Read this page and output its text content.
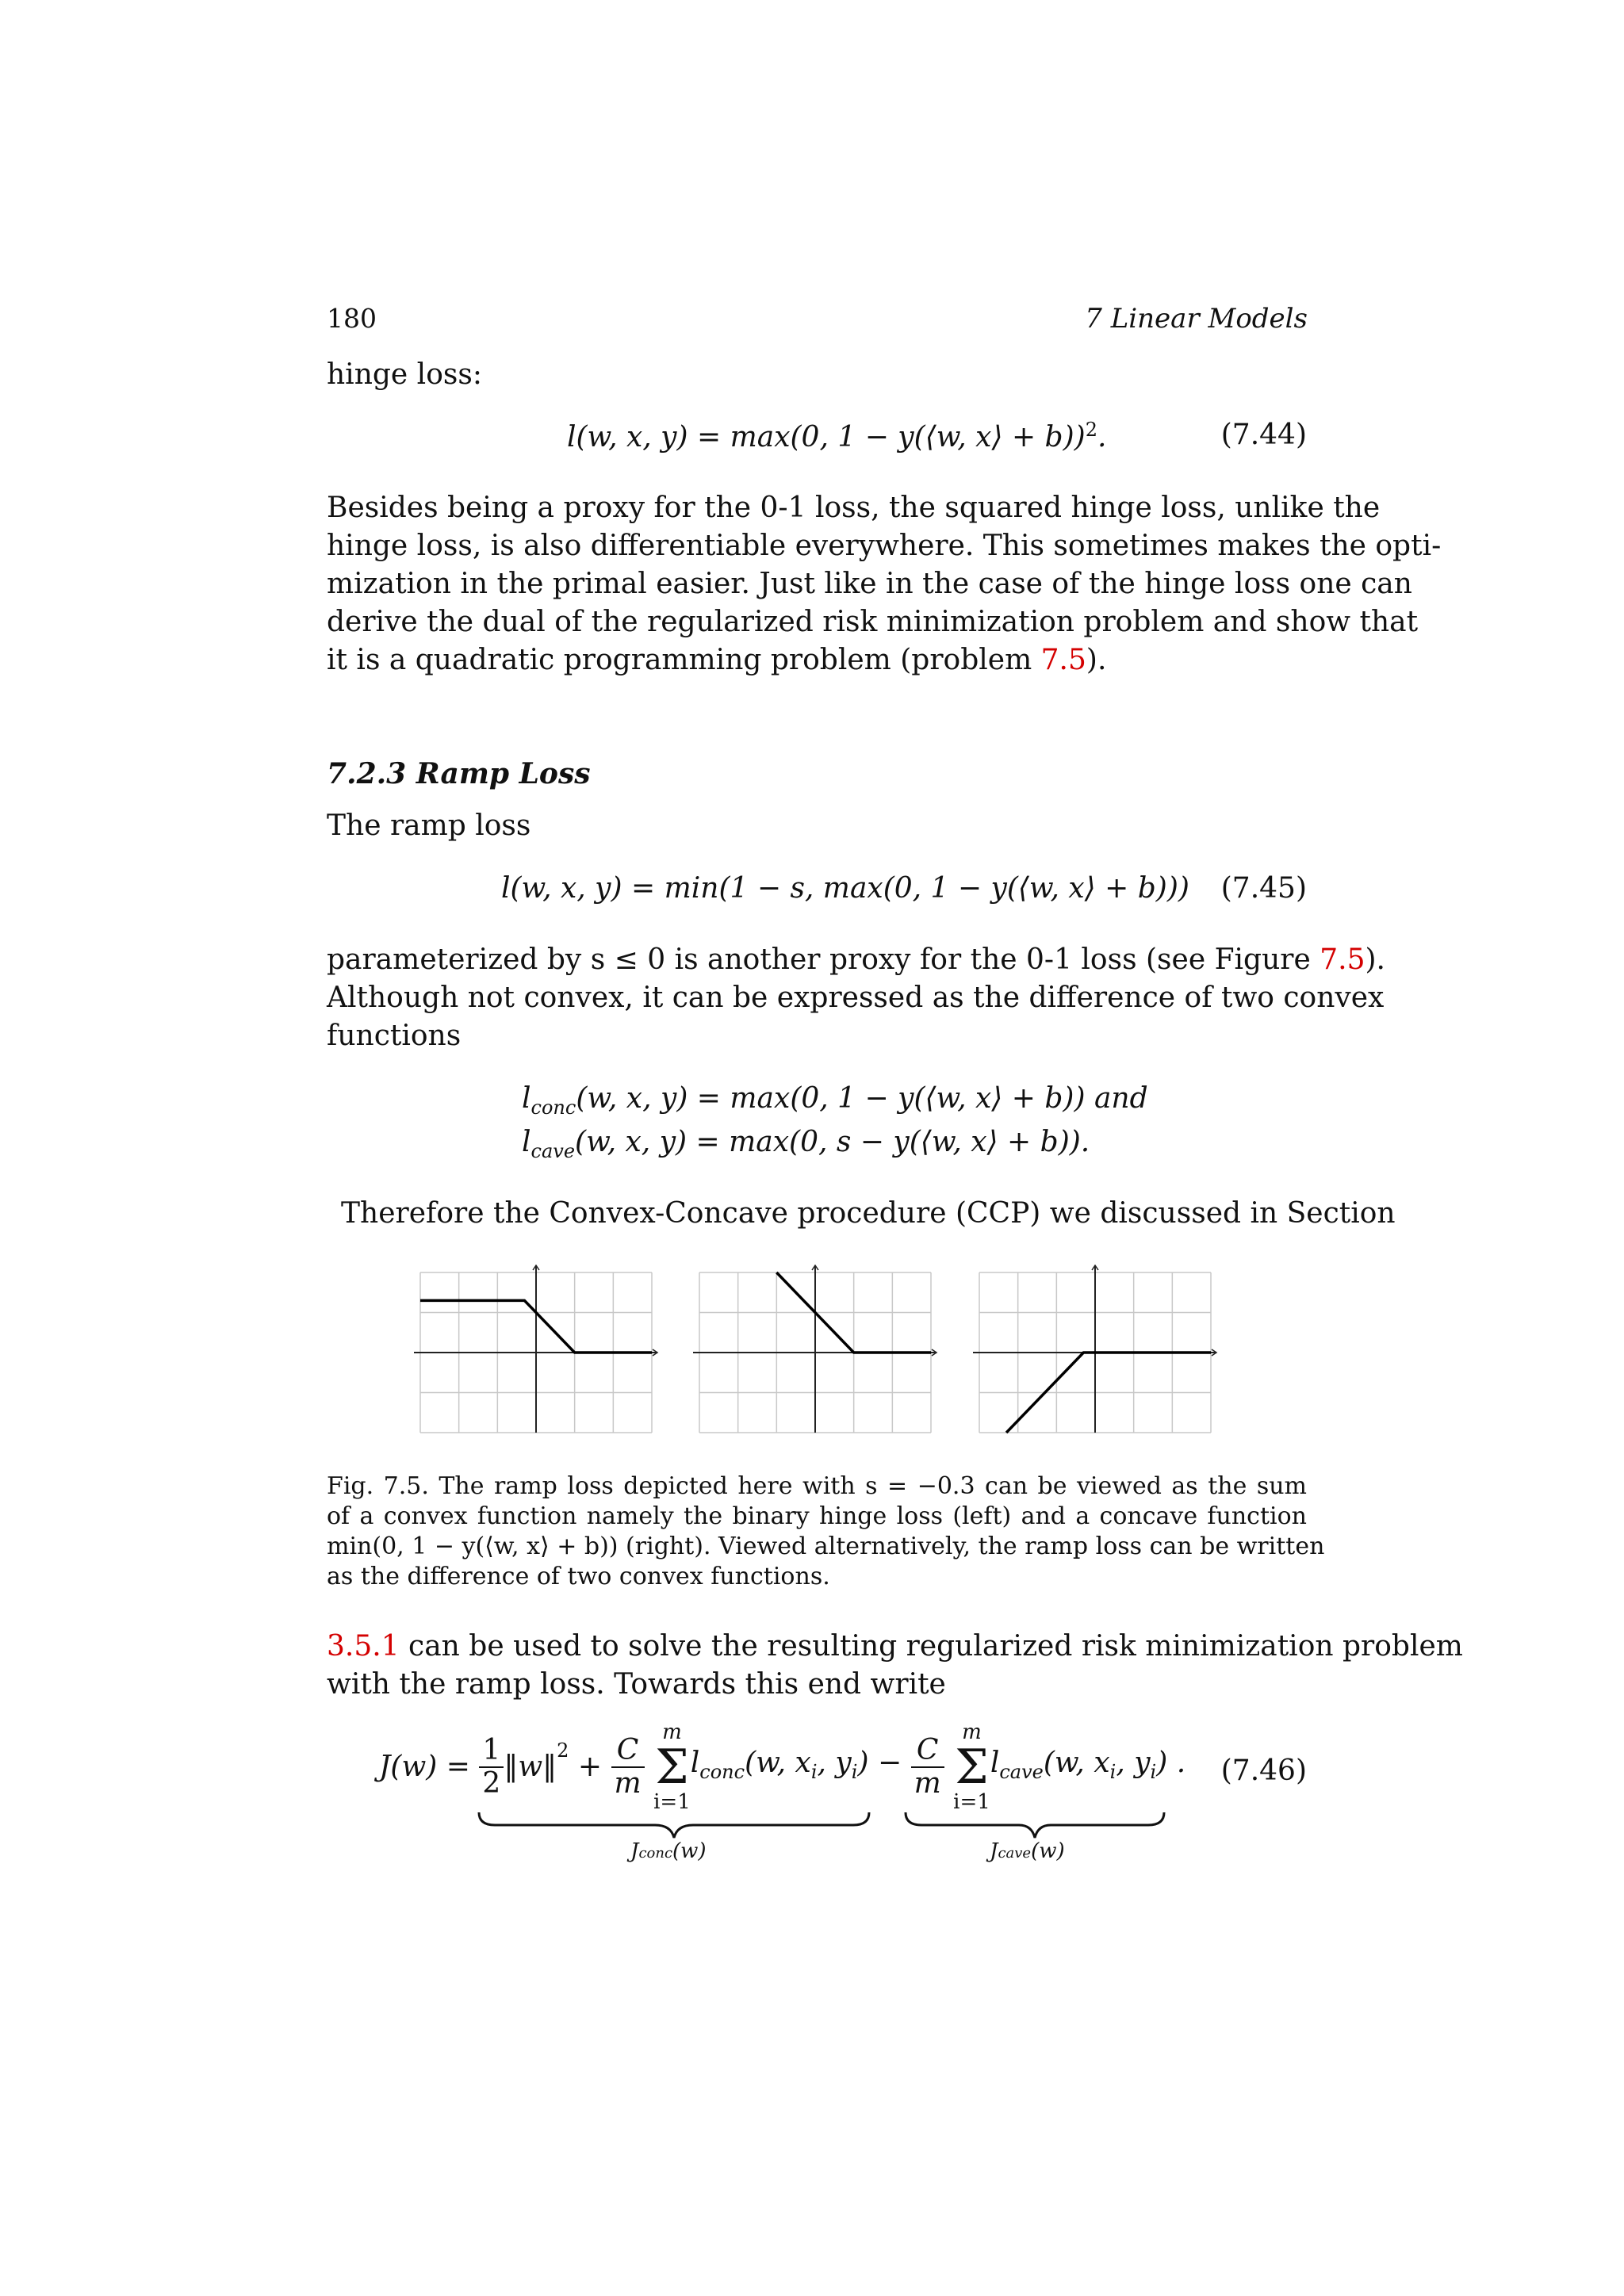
180	7 Linear Models
hinge loss:
l(w, x, y) = max(0, 1 − y(⟨w, x⟩ + b))$^2$.	(7.44)
Besides being a proxy for the 0-1 loss, the squared hinge loss, unlike the
hinge loss, is also differentiable everywhere. This sometimes makes the opti-
mization in the primal easier. Just like in the case of the hinge loss one can
derive the dual of the regularized risk minimization problem and show that
it is a quadratic programming problem (problem 7.5).
7.2.3 Ramp Loss
The ramp loss
l(w, x, y) = min(1 − s, max(0, 1 − y(⟨w, x⟩ + b))) (7.45)
parameterized by s ≤ 0 is another proxy for the 0-1 loss (see Figure 7.5).
Although not convex, it can be expressed as the difference of two convex
functions
$l_{conc}(w$, x, y) = max(0, 1 − y(⟨w, x⟩ + b)) and
$l_{cave}(w$, x, y) = max(0, s − y(⟨w, x⟩ + b)).
Therefore the Convex-Concave procedure (CCP) we discussed in Section
Fig. 7.5. The ramp loss depicted here with s = −0.3 can be viewed as the sum
of a convex function namely the binary hinge loss (left) and a concave function
min(0, 1 − y(⟨w, x⟩ + b)) (right). Viewed alternatively, the ramp loss can be written
as the difference of two convex functions.
3.5.1 can be used to solve the resulting regularized risk minimization problem
with the ramp loss. Towards this end write
$J(w) = \frac{1}{2}$ ‖w‖$^2$ + $\frac{C}{m}$

m
Σ
i=1
$l_{conc}(w$, $x_i$, $y_i) - \frac{C}{m}$

m
Σ
i=1
$l_{cave}(w$, $x_i$, $y_i$) . (7.46)
Jconc(w)	Jcave(w)
